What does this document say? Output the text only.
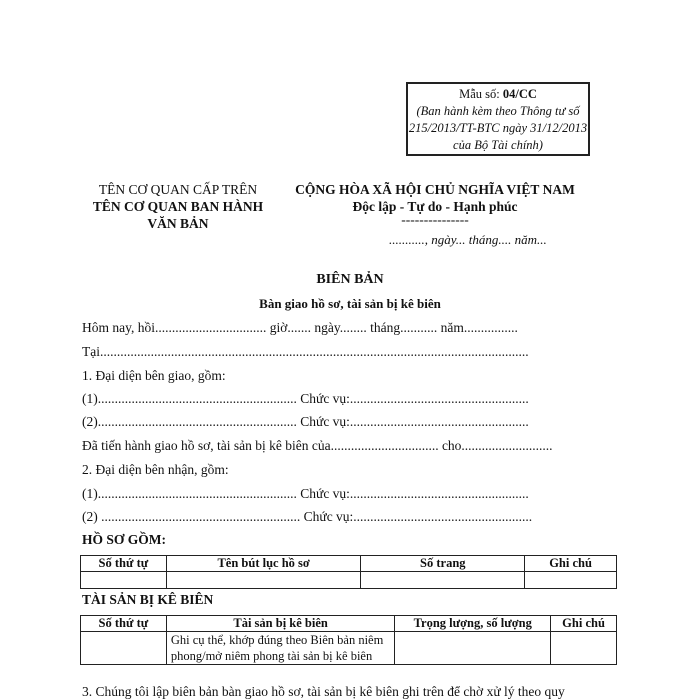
Mẫu số: 04/CC
(Ban hành kèm theo Thông tư số
215/2013/TT-BTC ngày 31/12/2013
của Bộ Tài chính)
TÊN CƠ QUAN CẤP TRÊN
TÊN CƠ QUAN BAN HÀNH
VĂN BẢN
CỘNG HÒA XÃ HỘI CHỦ NGHĨA VIỆT NAM
Độc lập - Tự do - Hạnh phúc
---------------
..........., ngày... tháng.... năm...
BIÊN BẢN
Bàn giao hồ sơ, tài sản bị kê biên
Hôm nay, hồi................................. giờ....... ngày........ tháng........... năm................
Tại...............................................................................................................................
1. Đại diện bên giao, gồm:
(1)........................................................... Chức vụ:.....................................................
(2)........................................................... Chức vụ:.....................................................
Đã tiến hành giao hồ sơ, tài sản bị kê biên của................................ cho...........................
2. Đại diện bên nhận, gồm:
(1)........................................................... Chức vụ:.....................................................
(2) ........................................................... Chức vụ:.....................................................
HỒ SƠ GỒM:
Số thứ tự	Tên bút lục hồ sơ	Số trang	Ghi chú

TÀI SẢN BỊ KÊ BIÊN
Số thứ tự	Tài sản bị kê biên	Trọng lượng, số lượng	Ghi chú
	Ghi cụ thể, khớp đúng theo Biên bản niêm phong/mở niêm phong tài sản bị kê biên		
3. Chúng tôi lập biên bản bàn giao hồ sơ, tài sản bị kê biên ghi trên để chờ xử lý theo quy
